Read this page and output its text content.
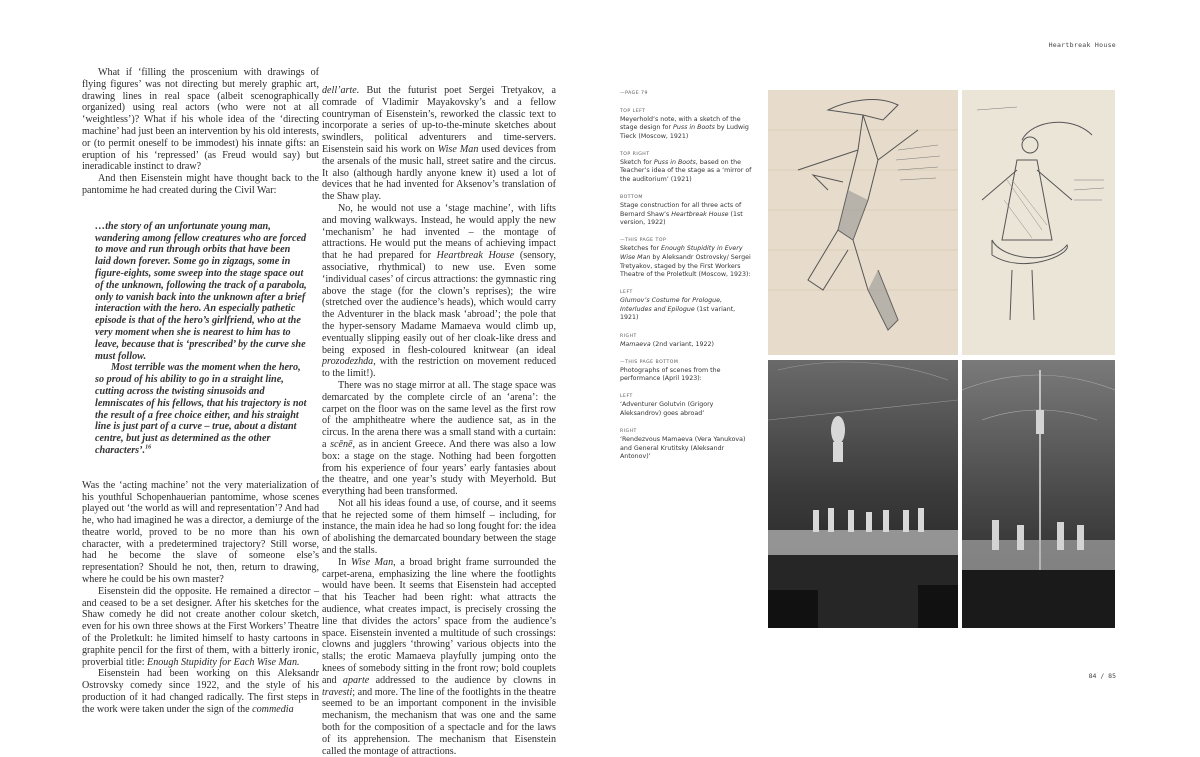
Heartbreak House

What if ‘filling the proscenium with drawings of flying figures’ was not directing but merely graphic art, drawing lines in real space (albeit scenographically organized) using real actors (who were not at all ‘weightless’)? What if his whole idea of the ‘directing machine’ had just been an intervention by his old interests, or (to permit oneself to be immodest) his innate gifts: an eruption of his ‘repressed’ (as Freud would say) but ineradicable instinct to draw?

And then Eisenstein might have thought back to the pantomime he had created during the Civil War:

…the story of an unfortunate young man, wandering among fellow creatures who are forced to move and run through orbits that have been laid down forever. Some go in zigzags, some in figure-eights, some sweep into the stage space out of the unknown, following the track of a parabola, only to vanish back into the unknown after a brief interaction with the hero. An especially pathetic episode is that of the hero’s girlfriend, who at the very moment when she is nearest to him has to leave, because that is ‘prescribed’ by the curve she must follow.

Most terrible was the moment when the hero, so proud of his ability to go in a straight line, cutting across the twisting sinusoids and lemniscates of his fellows, that his trajectory is not the result of a free choice either, and his straight line is just part of a curve – true, about a distant centre, but just as determined as the other characters’.$^{16}$

Was the ‘acting machine’ not the very materialization of his youthful Schopenhauerian pantomime, whose scenes played out ‘the world as will and representation’? And had he, who had imagined he was a director, a demiurge of the theatre world, proved to be no more than his own character, with a predetermined trajectory? Still worse, had he become the slave of someone else’s representation? Should he not, then, return to drawing, where he could be his own master?

Eisenstein did the opposite. He remained a director – and ceased to be a set designer. After his sketches for the Shaw comedy he did not create another colour sketch, even for his own three shows at the First Workers’ Theatre of the Proletkult: he limited himself to hasty cartoons in graphite pencil for the first of them, with a bitterly ironic, proverbial title: Enough Stupidity for Each Wise Man.

Eisenstein had been working on this Aleksandr Ostrovsky comedy since 1922, and the style of his production of it had changed radically. The first steps in the work were taken under the sign of the commedia

dell’arte. But the futurist poet Sergei Tretyakov, a comrade of Vladimir Mayakovsky’s and a fellow countryman of Eisenstein’s, reworked the classic text to incorporate a series of up-to-the-minute sketches about swindlers, political adventurers and time-servers. Eisenstein said his work on Wise Man used devices from the arsenals of the music hall, street satire and the circus. It also (although hardly anyone knew it) used a lot of devices that he had invented for Aksenov’s translation of the Shaw play.

No, he would not use a ‘stage machine’, with lifts and moving walkways. Instead, he would apply the new ‘mechanism’ he had invented – the montage of attractions. He would put the means of achieving impact that he had prepared for Heartbreak House (sensory, associative, rhythmical) to new use. Even some ‘individual cases’ of circus attractions: the gymnastic ring above the stage (for the clown’s reprises); the wire (stretched over the audience’s heads), which would carry the Adventurer in the black mask ‘abroad’; the pole that the hyper-sensory Madame Mamaeva would climb up, eventually slipping easily out of her cloak-like dress and being exposed in flesh-coloured knitwear (an ideal prozodezhda, with the restriction on movement reduced to the limit!).

There was no stage mirror at all. The stage space was demarcated by the complete circle of an ‘arena’: the carpet on the floor was on the same level as the first row of the amphitheatre where the audience sat, as in the circus. In the arena there was a small stand with a curtain: a scēnē, as in ancient Greece. And there was also a low box: a stage on the stage. Nothing had been forgotten from his experience of four years’ early fantasies about the theatre, and one year’s study with Meyerhold. But everything had been transformed.

Not all his ideas found a use, of course, and it seems that he rejected some of them himself – including, for instance, the main idea he had so long fought for: the idea of abolishing the demarcated boundary between the stage and the stalls.

In Wise Man, a broad bright frame surrounded the carpet-arena, emphasizing the line where the footlights would have been. It seems that Eisenstein had accepted that his Teacher had been right: what attracts the audience, what creates impact, is precisely crossing the line that divides the actors’ space from the audience’s space. Eisenstein invented a multitude of such crossings: clowns and jugglers ‘throwing’ various objects into the stalls; the erotic Mamaeva playfully jumping onto the knees of somebody sitting in the front row; bold couplets and aparte addressed to the audience by clowns in travesti; and more. The line of the footlights in the theatre seemed to be an important component in the invisible mechanism, the mechanism that was one and the same both for the composition of a spectacle and for the laws of its apprehension. The mechanism that Eisenstein called the montage of attractions.

—PAGE 79
TOP LEFT
Meyerhold’s note, with a sketch of the stage design for Puss in Boots by Ludwig Tieck (Moscow, 1921)
TOP RIGHT
Sketch for Puss in Boots, based on the Teacher’s idea of the stage as a ‘mirror of the auditorium’ (1921)
BOTTOM
Stage construction for all three acts of Bernard Shaw’s Heartbreak House (1st version, 1922)
—THIS PAGE TOP
Sketches for Enough Stupidity in Every Wise Man by Aleksandr Ostrovsky/ Sergei Tretyakov, staged by the First Workers Theatre of the Proletkult (Moscow, 1923):
LEFT
Glumov’s Costume for Prologue, Interludes and Epilogue (1st variant, 1921)
RIGHT
Mamaeva (2nd variant, 1922)
—THIS PAGE BOTTOM
Photographs of scenes from the performance (April 1923):
LEFT
‘Adventurer Golutvin (Grigory Aleksandrov) goes abroad’
RIGHT
‘Rendezvous Mamaeva (Vera Yanukova) and General Krutitsky (Aleksandr Antonov)’
84 / 85
